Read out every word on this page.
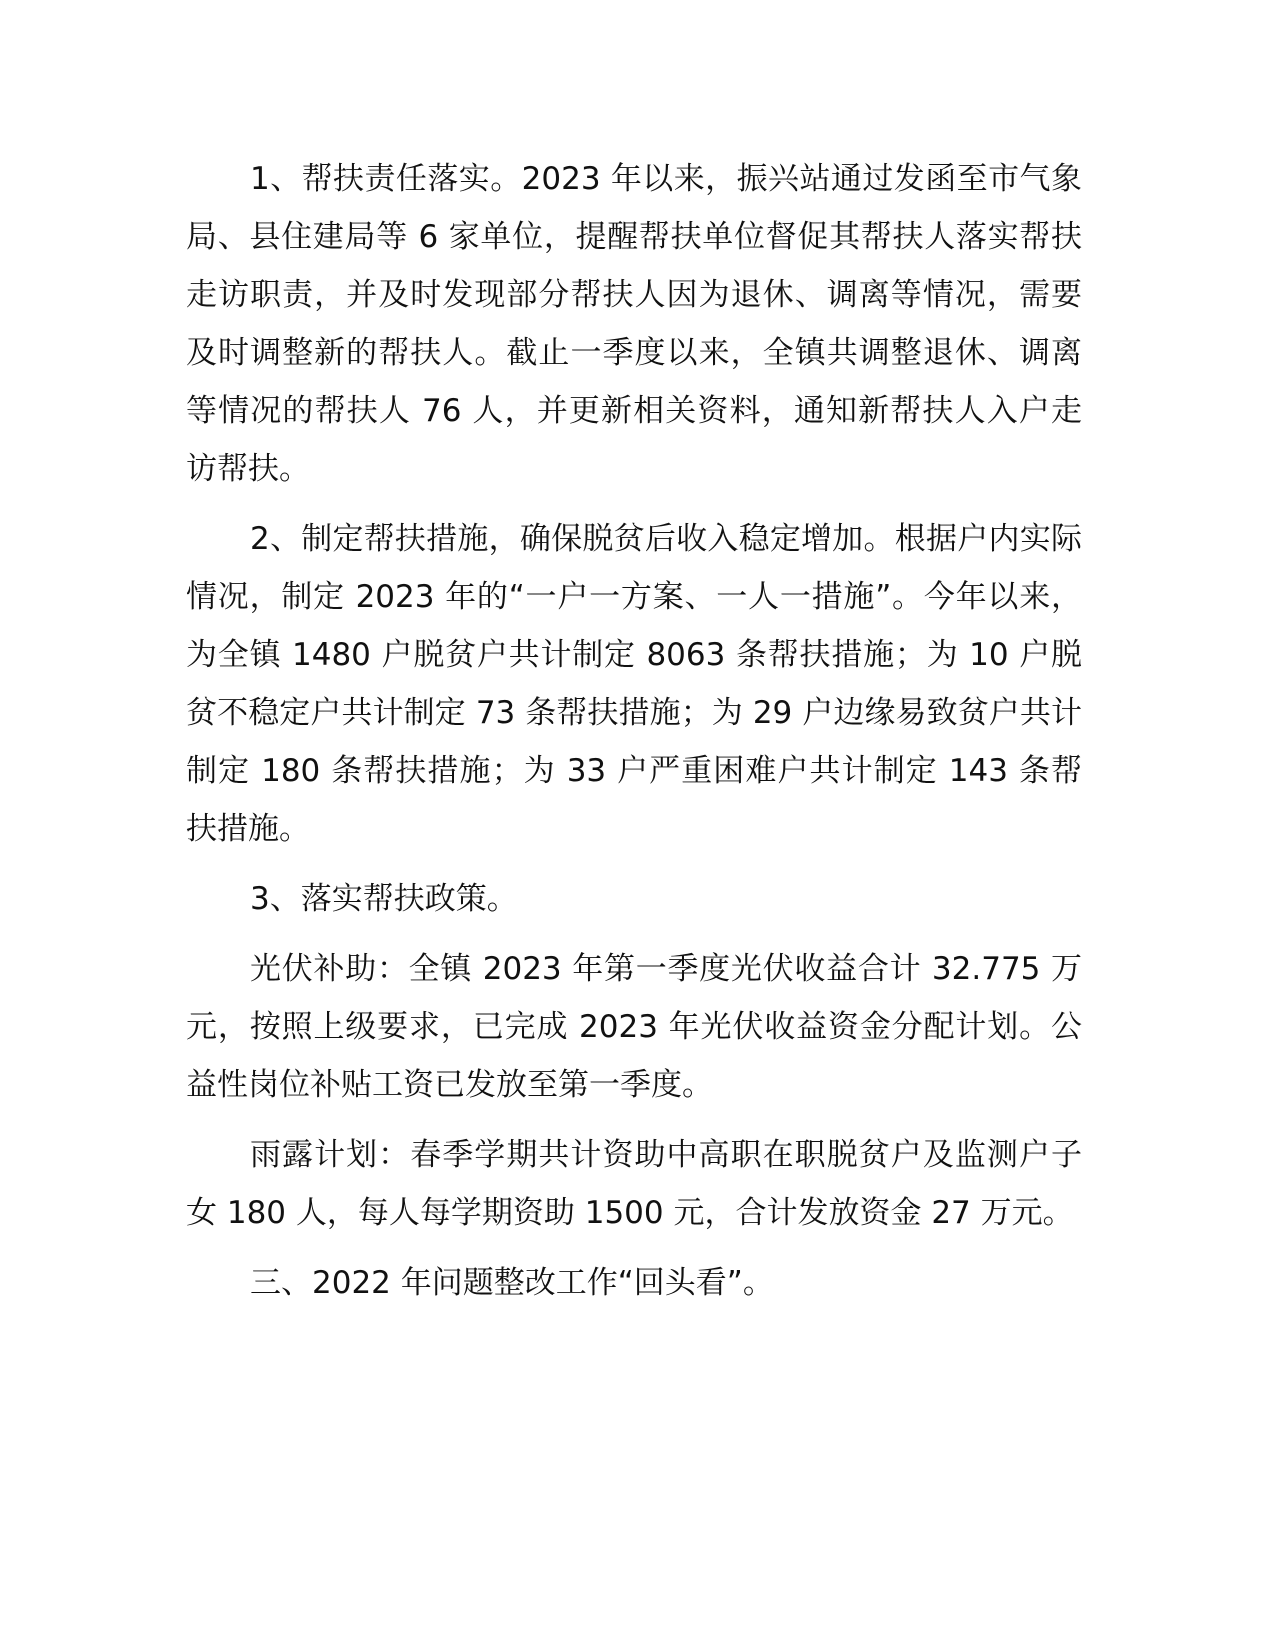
1、帮扶责任落实。2023 年以来，振兴站通过发函至市气象局、县住建局等 6 家单位，提醒帮扶单位督促其帮扶人落实帮扶走访职责，并及时发现部分帮扶人因为退休、调离等情况，需要及时调整新的帮扶人。截止一季度以来，全镇共调整退休、调离等情况的帮扶人 76 人，并更新相关资料，通知新帮扶人入户走访帮扶。

2、制定帮扶措施，确保脱贫后收入稳定增加。根据户内实际情况，制定 2023 年的“一户一方案、一人一措施”。今年以来，为全镇 1480 户脱贫户共计制定 8063 条帮扶措施；为 10 户脱贫不稳定户共计制定 73 条帮扶措施；为 29 户边缘易致贫户共计制定 180 条帮扶措施；为 33 户严重困难户共计制定 143 条帮扶措施。

3、落实帮扶政策。

光伏补助：全镇 2023 年第一季度光伏收益合计 32.775 万元，按照上级要求，已完成 2023 年光伏收益资金分配计划。公益性岗位补贴工资已发放至第一季度。

雨露计划：春季学期共计资助中高职在职脱贫户及监测户子女 180 人，每人每学期资助 1500 元，合计发放资金 27 万元。

三、2022 年问题整改工作“回头看”。
